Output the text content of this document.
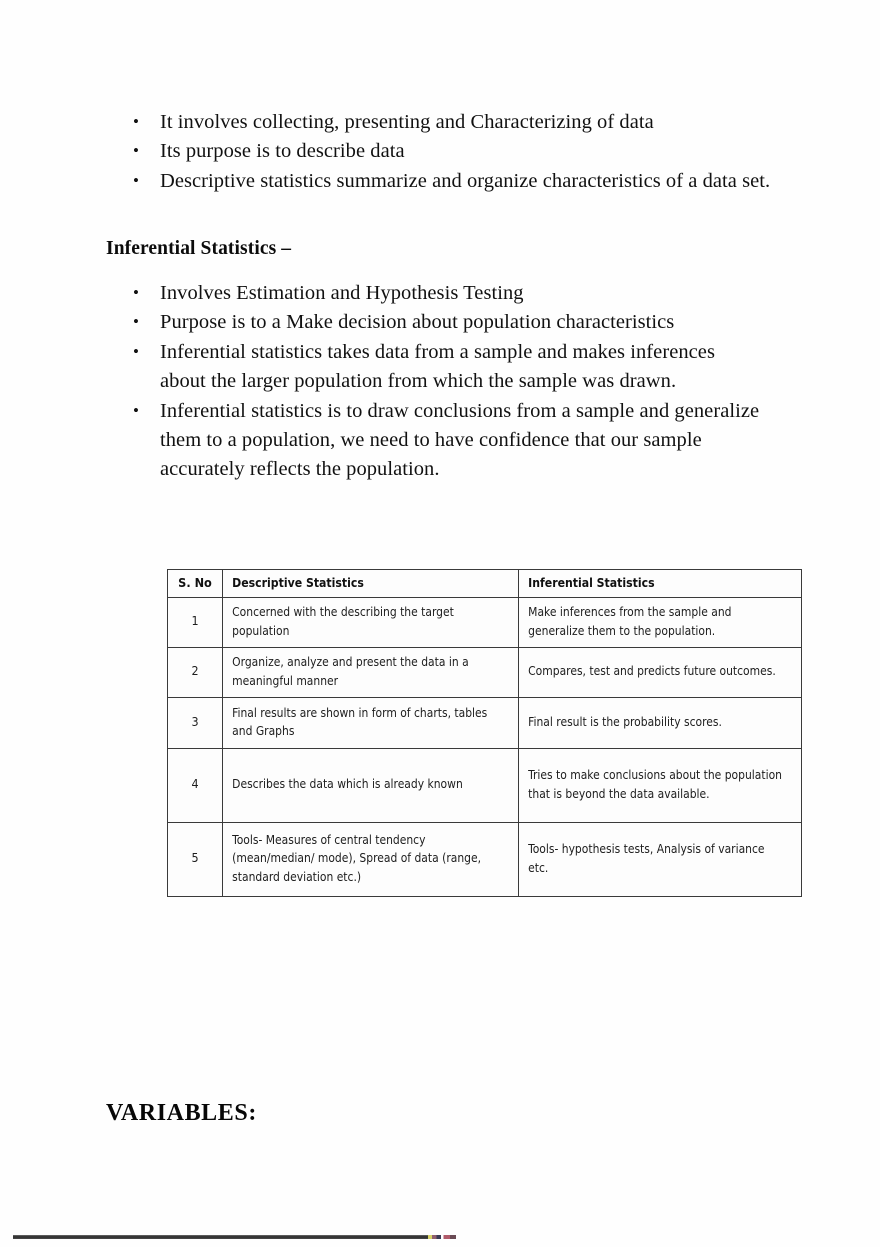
• It involves collecting, presenting and Characterizing of data
• Its purpose is to describe data
• Descriptive statistics summarize and organize characteristics of a data set.
Inferential Statistics –
• Involves Estimation and Hypothesis Testing
• Purpose is to a Make decision about population characteristics
• Inferential statistics takes data from a sample and makes inferences about the larger population from which the sample was drawn.
• Inferential statistics is to draw conclusions from a sample and generalize them to a population, we need to have confidence that our sample accurately reflects the population.
S. No	Descriptive Statistics	Inferential Statistics
1	Concerned with the describing the target population	Make inferences from the sample and generalize them to the population.
2	Organize, analyze and present the data in a meaningful manner	Compares, test and predicts future outcomes.
3	Final results are shown in form of charts, tables and Graphs	Final result is the probability scores.
4	Describes the data which is already known	Tries to make conclusions about the population that is beyond the data available.
5	Tools- Measures of central tendency (mean/median/ mode), Spread of data (range, standard deviation etc.)	Tools- hypothesis tests, Analysis of variance etc.
VARIABLES:
